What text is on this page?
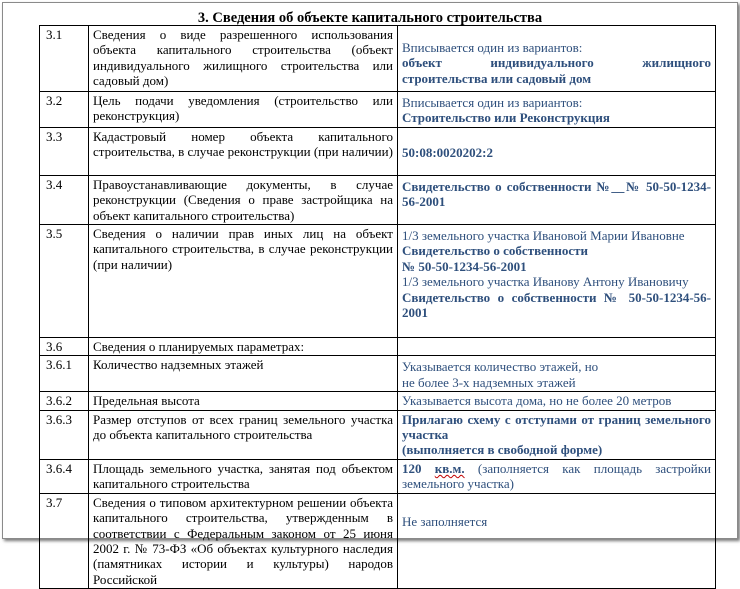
3. Сведения об объекте капитального строительства
3.1	Сведения о виде разрешенного использования объекта капитального строительства (объект индивидуального жилищного строительства или садовый дом)	Вписывается один из вариантов:
объект индивидуального жилищного
строительства или садовый дом

3.2	Цель подачи уведомления (строительство или реконструкция)	Вписывается один из вариантов:
Строительство или Реконструкция

3.3	Кадастровый номер объекта капитального строительства, в случае реконструкции (при наличии)	50:08:0020202:2

3.4	Правоустанавливающие документы, в случае реконструкции (Сведения о праве застройщика на объект капитального строительства)	Свидетельство о собственности №__№ 50-50-1234-56-2001

3.5	Сведения о наличии прав иных лиц на объект капитального строительства, в случае реконструкции (при наличии)	1/3 земельного участка Ивановой Марии Ивановне
Свидетельство о собственности
№ 50-50-1234-56-2001
1/3 земельного участка Иванову Антону Ивановичу
Свидетельство о собственности № 50-50-1234-56-2001

3.6	Сведения о планируемых параметрах:	
3.6.1	Количество надземных этажей	Указывается количество этажей, но
не более 3-х надземных этажей

3.6.2	Предельная высота	Указывается высота дома, но не более 20 метров
3.6.3	Размер отступов от всех границ земельного участка до объекта капитального строительства	Прилагаю схему с отступами от границ земельного участка
(выполняется в свободной форме)

3.6.4	Площадь земельного участка, занятая под объектом капитального строительства	120 кв.м. (заполняется как площадь застройки земельного участка)

3.7	Сведения о типовом архитектурном решении объекта капитального строительства, утвержденным в соответствии с Федеральным законом от 25 июня 2002 г. № 73-ФЗ «Об объектах культурного наследия (памятниках истории и культуры) народов Российской	Не заполняется
